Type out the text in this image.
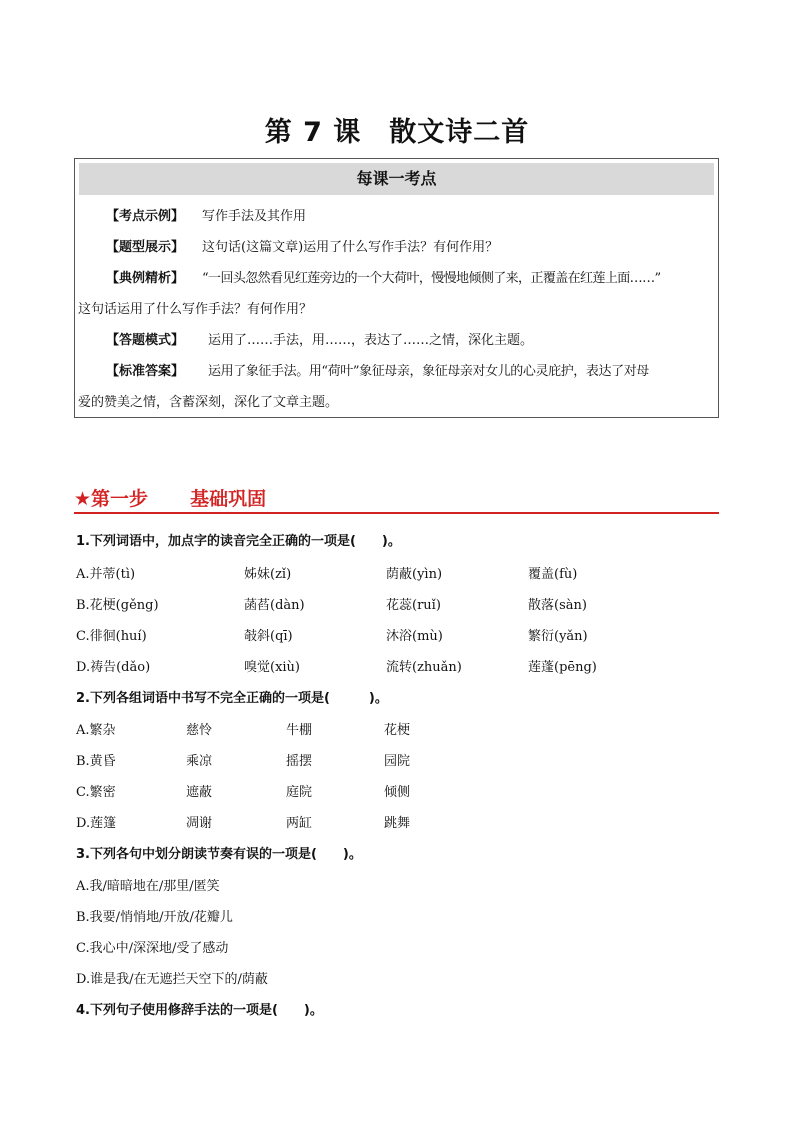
第 7 课　散文诗二首
每课一考点
【考点示例】 写作手法及其作用
【题型展示】 这句话(这篇文章)运用了什么写作手法？有何作用？
【典例精析】 “一回头忽然看见红莲旁边的一个大荷叶，慢慢地倾侧了来，正覆盖在红莲上面……”
这句话运用了什么写作手法？有何作用？
【答题模式】 运用了……手法，用……，表达了……之情，深化主题。
【标准答案】 运用了象征手法。用“荷叶”象征母亲，象征母亲对女儿的心灵庇护，表达了对母
爱的赞美之情，含蓄深刻，深化了文章主题。
★第一步 基础巩固
1.下列词语中，加点字的读音完全正确的一项是(　　)。
A.并蒂(tì)	姊妹(zǐ)	荫蔽(yìn)	覆盖(fù)
B.花梗(gěng)	菡萏(dàn)	花蕊(ruǐ)	散落(sàn)
C.徘徊(huí)	攲斜(qī)	沐浴(mù)	繁衍(yǎn)
D.祷告(dǎo)	嗅觉(xiù)	流转(zhuǎn)	莲蓬(pēng)
2.下列各组词语中书写不完全正确的一项是(　　　)。
A.繁杂	慈怜	牛棚	花梗
B.黄昏	乘凉	摇摆	园院
C.繁密	遮蔽	庭院	倾侧
D.莲篷	凋谢	两缸	跳舞
3.下列各句中划分朗读节奏有误的一项是(　　)。
A.我/暗暗地在/那里/匿笑
B.我要/悄悄地/开放/花瓣儿
C.我心中/深深地/受了感动
D.谁是我/在无遮拦天空下的/荫蔽
4.下列句子使用修辞手法的一项是(　　)。
